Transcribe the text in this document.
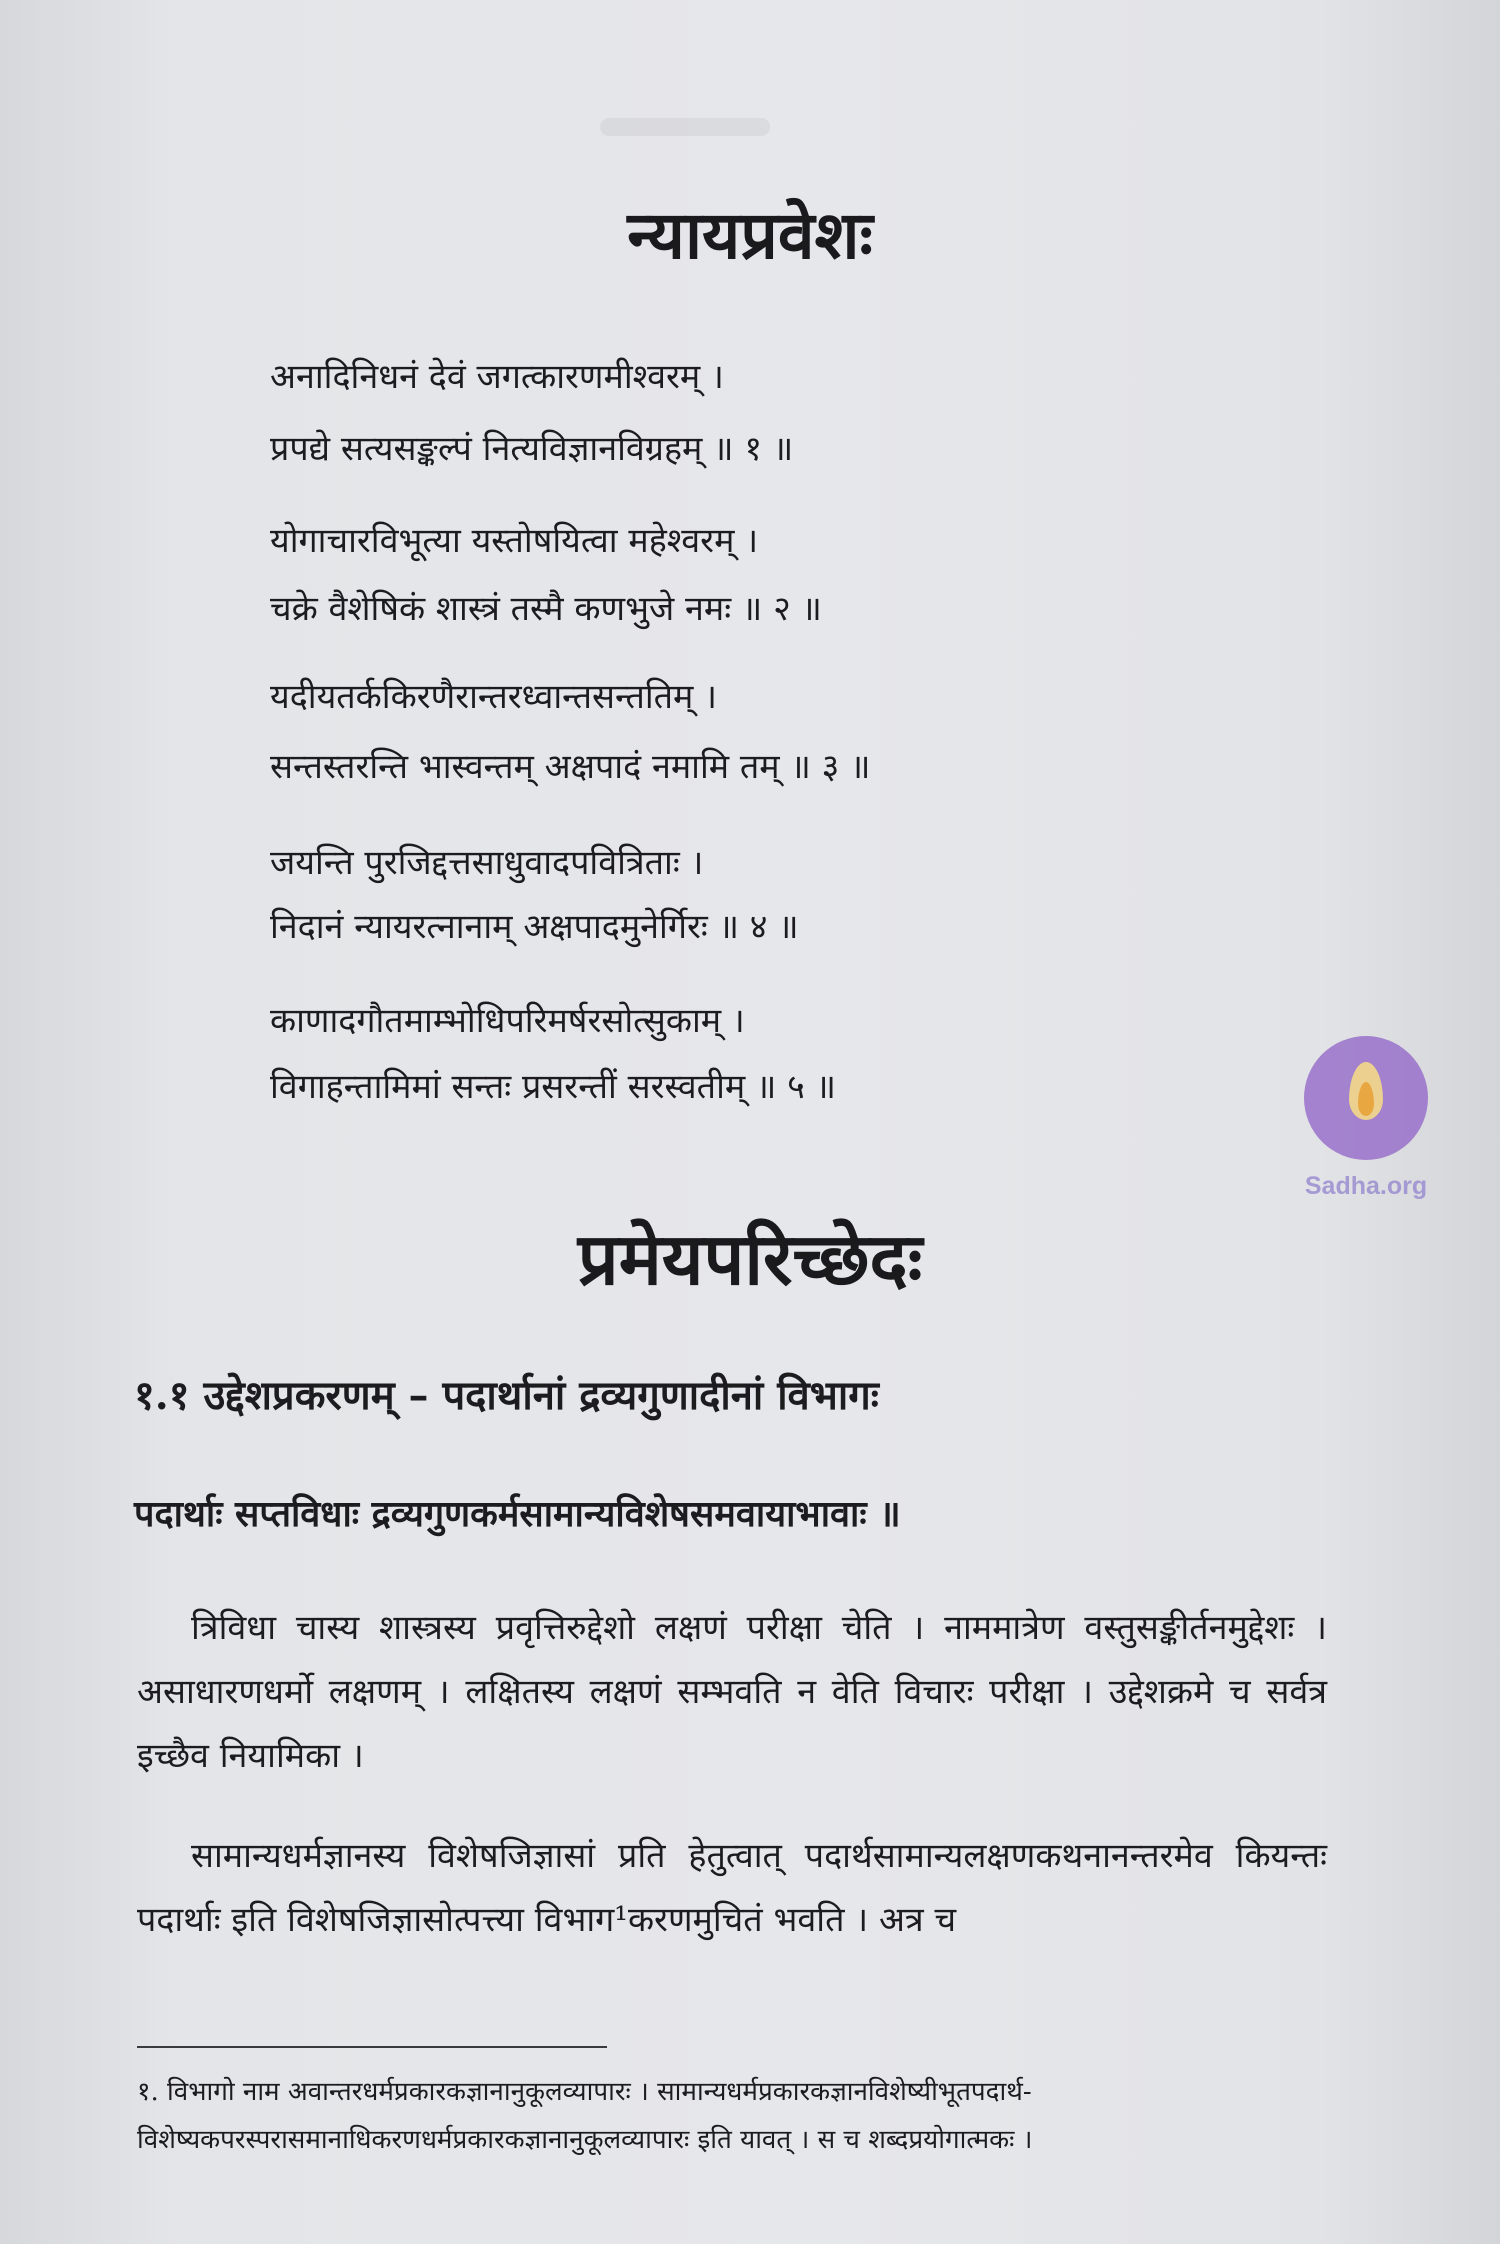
न्यायप्रवेशः
अनादिनिधनं देवं जगत्कारणमीश्वरम् ।
प्रपद्ये सत्यसङ्कल्पं नित्यविज्ञानविग्रहम् ॥ १ ॥
योगाचारविभूत्या यस्तोषयित्वा महेश्वरम् ।
चक्रे वैशेषिकं शास्त्रं तस्मै कणभुजे नमः ॥ २ ॥
यदीयतर्ककिरणैरान्तरध्वान्तसन्ततिम् ।
सन्तस्तरन्ति भास्वन्तम् अक्षपादं नमामि तम् ॥ ३ ॥
जयन्ति पुरजिद्दत्तसाधुवादपवित्रिताः ।
निदानं न्यायरत्नानाम् अक्षपादमुनेर्गिरः ॥ ४ ॥
काणादगौतमाम्भोधिपरिमर्षरसोत्सुकाम् ।
विगाहन्तामिमां सन्तः प्रसरन्तीं सरस्वतीम् ॥ ५ ॥
प्रमेयपरिच्छेदः
१.१ उद्देशप्रकरणम् – पदार्थानां द्रव्यगुणादीनां विभागः
पदार्थाः सप्तविधाः द्रव्यगुणकर्मसामान्यविशेषसमवायाभावाः ॥
त्रिविधा चास्य शास्त्रस्य प्रवृत्तिरुद्देशो लक्षणं परीक्षा चेति । नाममात्रेण वस्तुसङ्कीर्तनमुद्देशः । असाधारणधर्मो लक्षणम् । लक्षितस्य लक्षणं सम्भवति न वेति विचारः परीक्षा । उद्देशक्रमे च सर्वत्र इच्छैव नियामिका ।
सामान्यधर्मज्ञानस्य विशेषजिज्ञासां प्रति हेतुत्वात् पदार्थसामान्यलक्षणकथनानन्तरमेव कियन्तः पदार्थाः इति विशेषजिज्ञासोत्पत्त्या विभाग¹करणमुचितं भवति । अत्र च
१. विभागो नाम अवान्तरधर्मप्रकारकज्ञानानुकूलव्यापारः । सामान्यधर्मप्रकारकज्ञानविशेष्यीभूतपदार्थ-विशेष्यकपरस्परासमानाधिकरणधर्मप्रकारकज्ञानानुकूलव्यापारः इति यावत् । स च शब्दप्रयोगात्मकः ।
Sadha.org
